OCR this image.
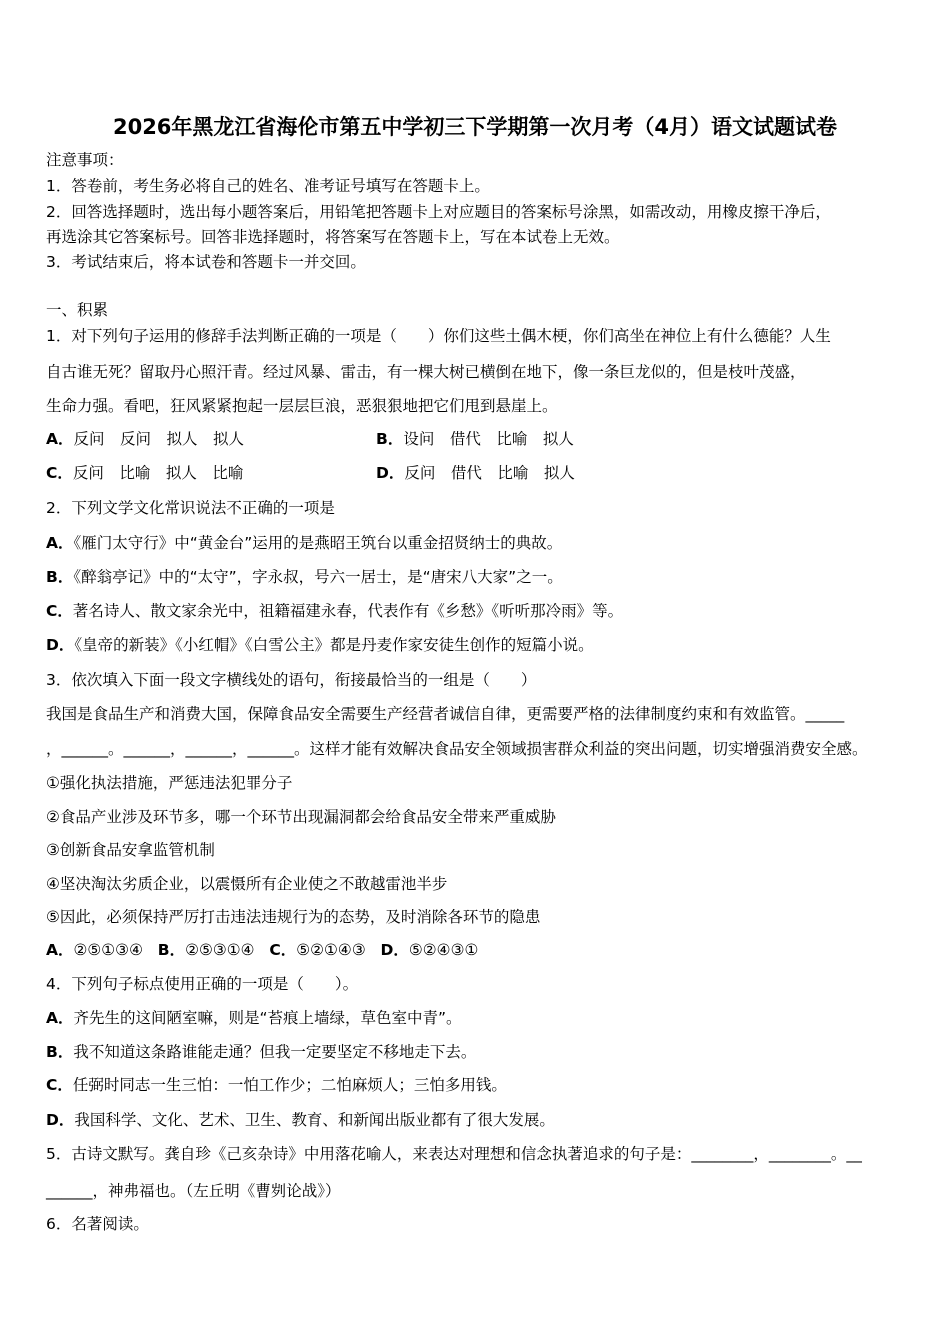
2026年黑龙江省海伦市第五中学初三下学期第一次月考（4月）语文试题试卷
注意事项：
1．答卷前，考生务必将自己的姓名、准考证号填写在答题卡上。
2．回答选择题时，选出每小题答案后，用铅笔把答题卡上对应题目的答案标号涂黑，如需改动，用橡皮擦干净后，
再选涂其它答案标号。回答非选择题时，将答案写在答题卡上，写在本试卷上无效。
3．考试结束后，将本试卷和答题卡一并交回。
一、积累
1．对下列句子运用的修辞手法判断正确的一项是（　　）你们这些土偶木梗，你们高坐在神位上有什么德能？人生
自古谁无死？留取丹心照汗青。经过风暴、雷击，有一棵大树已横倒在地下，像一条巨龙似的，但是枝叶茂盛，
生命力强。看吧，狂风紧紧抱起一层层巨浪，恶狠狠地把它们甩到悬崖上。
A．反问　反问　拟人　拟人	B．设问　借代　比喻　拟人
C．反问　比喻　拟人　比喻	D．反问　借代　比喻　拟人
2．下列文学文化常识说法不正确的一项是
A．《雁门太守行》中“黄金台”运用的是燕昭王筑台以重金招贤纳士的典故。
B．《醉翁亭记》中的“太守”，字永叔，号六一居士，是“唐宋八大家”之一。
C．著名诗人、散文家余光中，祖籍福建永春，代表作有《乡愁》《听听那冷雨》等。
D．《皇帝的新装》《小红帽》《白雪公主》都是丹麦作家安徒生创作的短篇小说。
3．依次填入下面一段文字横线处的语句，衔接最恰当的一组是（　　）
我国是食品生产和消费大国，保障食品安全需要生产经营者诚信自律，更需要严格的法律制度约束和有效监管。_____
，______。______，______，______。这样才能有效解决食品安全领域损害群众利益的突出问题，切实增强消费安全感。
①强化执法措施，严惩违法犯罪分子
②食品产业涉及环节多，哪一个环节出现漏洞都会给食品安全带来严重威胁
③创新食品安拿监管机制
④坚决淘汰劣质企业，以震慑所有企业使之不敢越雷池半步
⑤因此，必须保持严厉打击违法违规行为的态势，及时消除各环节的隐患
A．②⑤①③④ B．②⑤③①④ C．⑤②①④③ D．⑤②④③①
4．下列句子标点使用正确的一项是（　　）。
A．齐先生的这间陋室嘛，则是“苔痕上墙绿，草色室中青”。
B．我不知道这条路谁能走通？但我一定要坚定不移地走下去。
C．任弼时同志一生三怕：一怕工作少；二怕麻烦人；三怕多用钱。
D．我国科学、文化、艺术、卫生、教育、和新闻出版业都有了很大发展。
5．古诗文默写。龚自珍《己亥杂诗》中用落花喻人，来表达对理想和信念执著追求的句子是：________，________。__
______，神弗福也。（左丘明《曹刿论战》）
6．名著阅读。
